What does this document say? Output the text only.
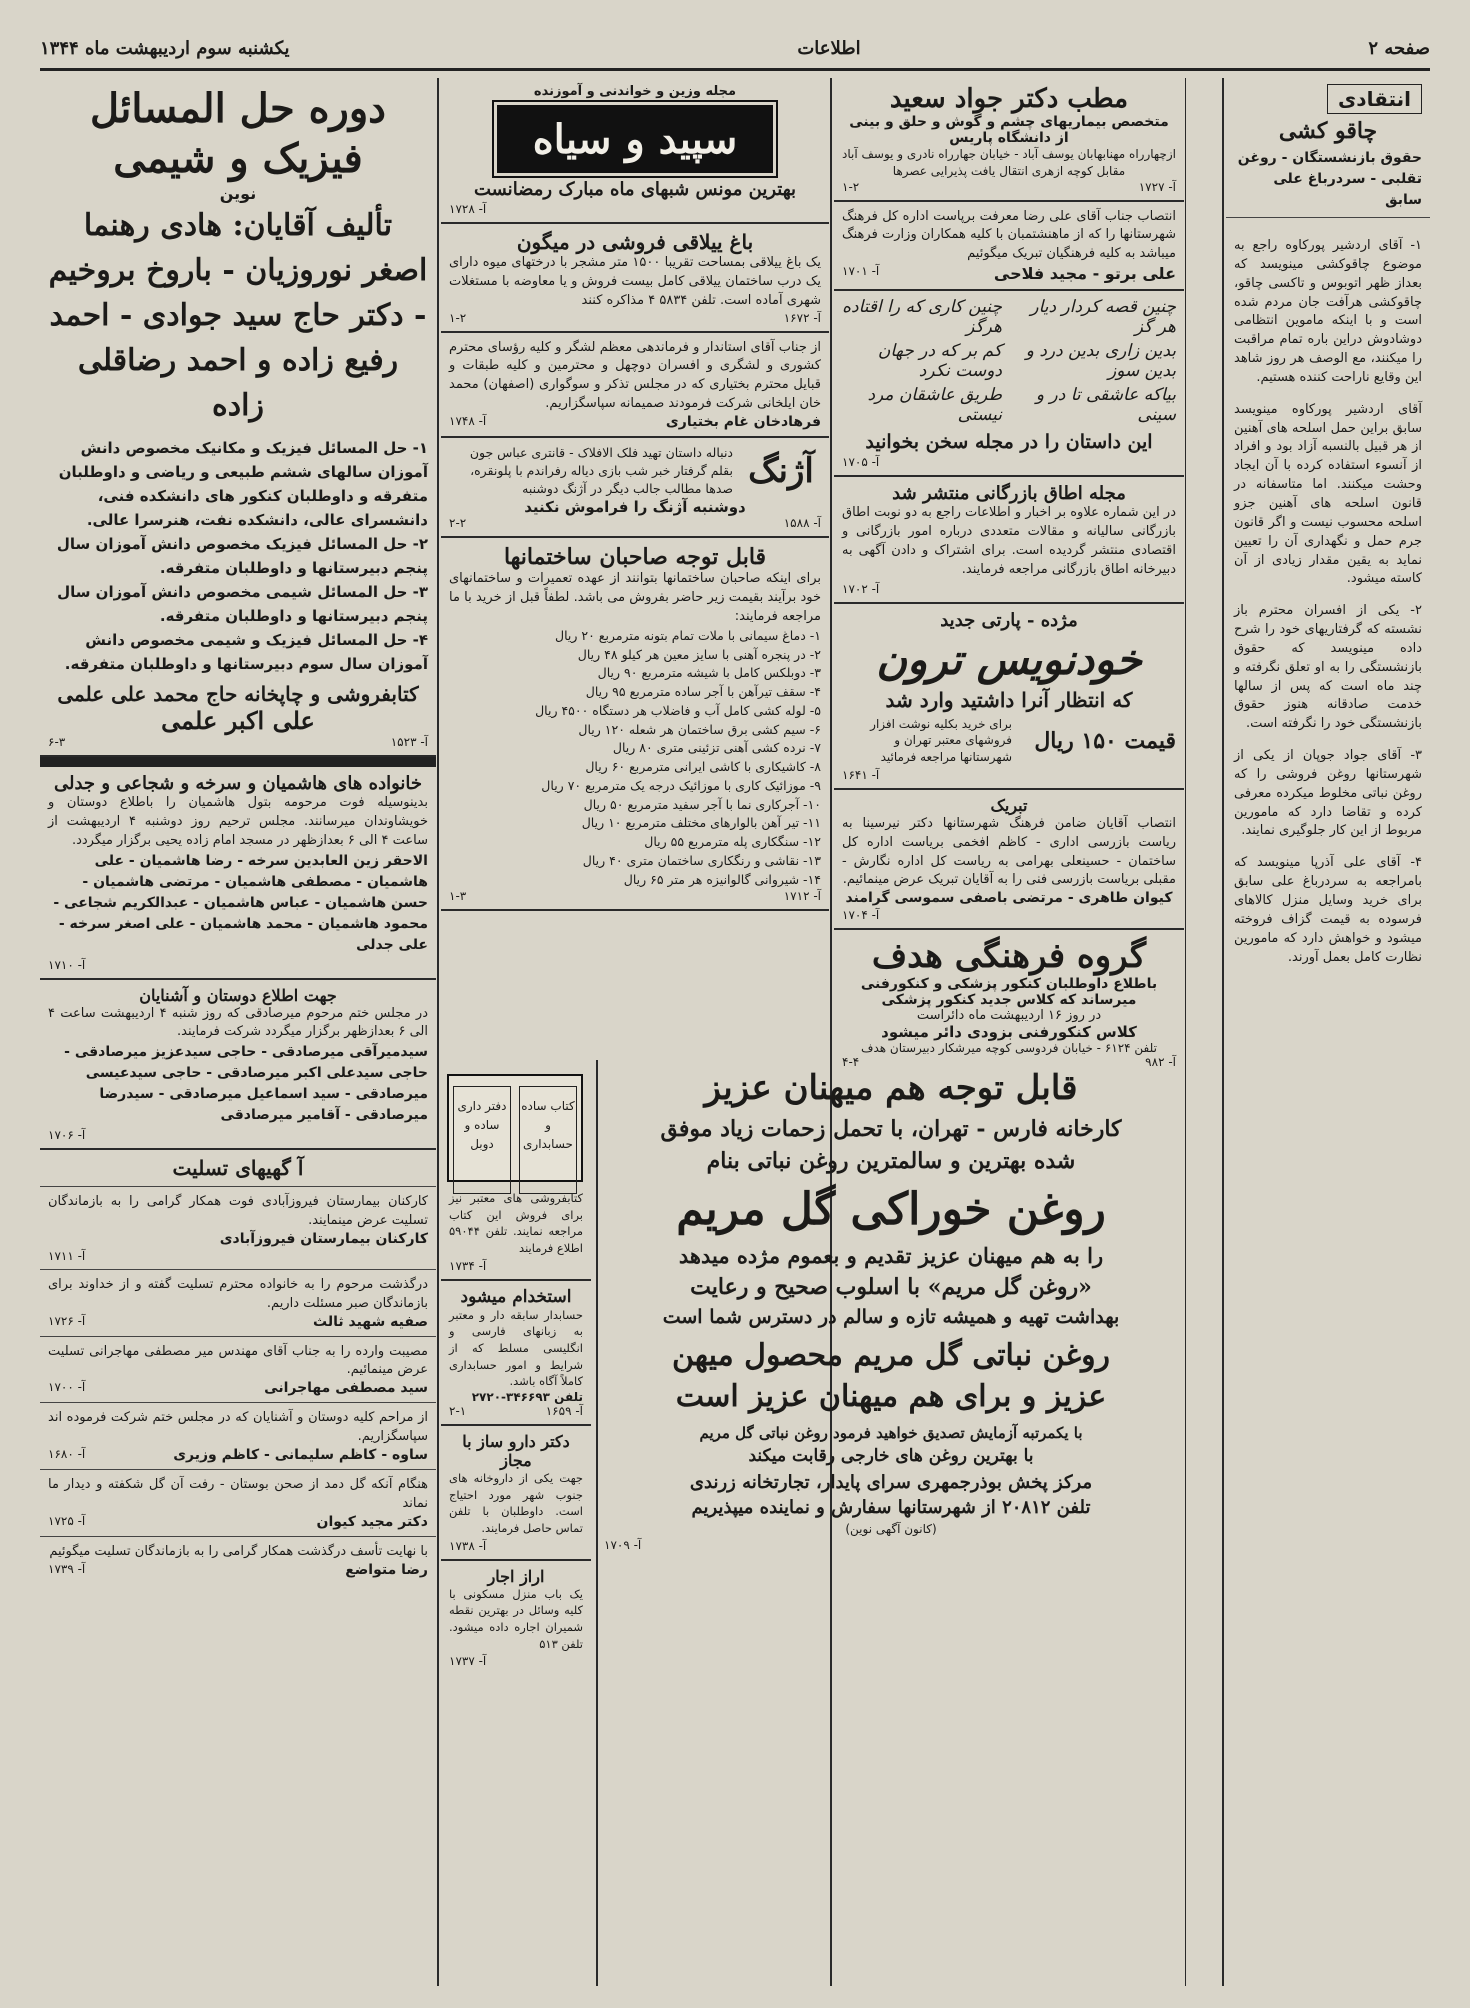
یکشنبه سوم اردیبهشت ماه ۱۳۴۴	اطلاعات	صفحه ۲
انتقادی
چاقو کشی
حقوق بازنشستگان - روغن تقلبی - سردرباغ علی سابق

۱- آقای اردشیر پورکاوه راجع به موضوع چاقوکشی مینویسد که بعداز ظهر اتوبوس و تاکسی چاقو، چاقوکشی هرآفت جان مردم شده است و با اینکه ماموین انتظامی دوشادوش دراین باره تمام مراقبت را میکنند، مع الوصف هر روز شاهد این وقایع ناراحت کننده هستیم.

آقای اردشیر پورکاوه مینویسد سابق براین حمل اسلحه های آهنین از هر قبیل بالنسبه آزاد بود و افراد از آنسوء استفاده کرده با آن ایجاد وحشت میکنند. اما متاسفانه در قانون اسلحه های آهنین جزو اسلحه محسوب نیست و اگر قانون جرم حمل و نگهداری آن را تعیین نماید به یقین مقدار زیادی از آن کاسته میشود.

۲- یکی از افسران محترم باز نشسته که گرفتاریهای خود را شرح داده مینویسد که حقوق بازنشستگی را به او تعلق نگرفته و چند ماه است که پس از سالها خدمت صادقانه هنوز حقوق بازنشستگی خود را نگرفته است.

۳- آقای جواد جوپان از یکی از شهرستانها روغن فروشی را که روغن نباتی مخلوط میکرده معرفی کرده و تقاضا دارد که مامورین مربوط از این کار جلوگیری نمایند.

۴- آقای علی آذرپا مینویسد که بامراجعه به سردرباغ علی سابق برای خرید وسایل منزل کالاهای فرسوده به قیمت گزاف فروخته میشود و خواهش دارد که مامورین نظارت کامل بعمل آورند.

مطب دکتر جواد سعید
متخصص بیماریهای چشم و گوش و حلق و بینی از دانشگاه پاریس
ازچهارراه مهنابهابان یوسف آباد - خیابان جهارراه نادری و یوسف آباد مقابل کوچه ازهری انتقال یافت پذیرایی عصرها
۱-۲	آ- ۱۷۲۷
انتصاب جناب آقای علی رضا معرفت برپاست اداره کل فرهنگ شهرستانها را که از ماهنشتمبان با کلیه همکاران وزارت فرهنگ میباشد به کلیه فرهنگیان تبریک میگوئیم
آ- ۱۷۰۱	علی برتو - مجید فلاحی
چنین قصه کردار دیار هر گز
چنین کاری که را اقتاده هرگز
بدین زاری بدین درد و بدین سوز
کم بر که در جهان دوست نکرد
بیاکه عاشقی تا در و سینی
طریق عاشقان مرد نیستی
این داستان را در مجله سخن بخوانید
آ- ۱۷۰۵
مجله اطاق بازرگانی منتشر شد
در این شماره علاوه بر اخبار و اطلاعات راجع به دو نوبت اطاق بازرگانی سالیانه و مقالات متعددی درباره امور بازرگانی و اقتصادی منتشر گردیده است. برای اشتراک و دادن آگهی به دبیرخانه اطاق بازرگانی مراجعه فرمایند.
آ- ۱۷۰۲
مژده - پارتی جدید
خودنویس ترون
که انتظار آنرا داشتید وارد شد
قیمت ۱۵۰ ریال
برای خرید بکلیه نوشت افزار فروشهای معتبر تهران و شهرستانها مراجعه فرمائید
آ- ۱۶۴۱
تبریک
انتصاب آقایان ضامن فرهنگ شهرستانها دکتر نیرسینا به ریاست بازرسی اداری - کاظم افخمی بریاست اداره کل ساختمان - حسینعلی بهرامی به ریاست کل اداره نگارش - مقبلی بریاست بازرسی فنی را به آقایان تبریک عرض مینمائیم.
کیوان طاهری - مرتضی باصفی سموسی گرامند
آ- ۱۷۰۴
گروه فرهنگی هدف
باطلاع داوطلبان کنکور پزشکی و کنکورفنی میرساند که کلاس جدید کنکور پزشکی
در روز ۱۶ اردیبهشت ماه دائراست
کلاس کنکورفنی بزودی دائر میشود
تلفن ۶۱۲۴ - خیابان فردوسی کوچه میرشکار دبیرستان هدف
۴-۴	آ- ۹۸۲
مجله وزین و خواندنی و آموزنده
سپید و سیاه
بهترین مونس شبهای ماه مبارک رمضانست
آ- ۱۷۲۸
باغ ییلاقی فروشی در میگون
یک باغ ییلاقی بمساحت تقریبا ۱۵۰۰ متر مشجر با درختهای میوه دارای یک درب ساختمان ییلاقی کامل بیست فروش و یا معاوضه با مستغلات شهری آماده است. تلفن ۵۸۳۴ ۴ مذاکره کنند
۱-۲	آ- ۱۶۷۲
از جناب آقای استاندار و فرماندهی معظم لشگر و کلیه رؤسای محترم کشوری و لشگری و افسران دوچهل و محترمین و کلیه طبقات و قبایل محترم بختیاری که در مجلس تذکر و سوگواری (اصفهان) محمد خان ایلخانی شرکت فرمودند صمیمانه سپاسگزاریم.
آ- ۱۷۴۸	فرهادخان غام بختیاری
آژنگ
دنباله داستان تهید فلک الافلاک - قانتری عباس جون بقلم گرفتار خبر شب بازی دیاله رفراندم با پلونقره، صدها مطالب جالب دیگر در آژنگ دوشنبه
دوشنبه آژنگ را فراموش نکنید
۲-۲	آ- ۱۵۸۸
قابل توجه صاحبان ساختمانها
برای اینکه صاحبان ساختمانها بتوانند از عهده تعمیرات و ساختمانهای خود برآیند بقیمت زیر حاضر بفروش می باشد. لطفاً قبل از خرید با ما مراجعه فرمایند:
۱- دماغ سیمانی با ملات تمام بتونه مترمربع ۲۰ ریال
۲- در پنجره آهنی با سایز معین هر کیلو ۴۸ ریال
۳- دوبلکس کامل با شیشه مترمربع ۹۰ ریال
۴- سقف تیرآهن با آجر ساده مترمربع ۹۵ ریال
۵- لوله کشی کامل آب و فاضلاب هر دستگاه ۴۵۰۰ ریال
۶- سیم کشی برق ساختمان هر شعله ۱۲۰ ریال
۷- نرده کشی آهنی تزئینی متری ۸۰ ریال
۸- کاشیکاری با کاشی ایرانی مترمربع ۶۰ ریال
۹- موزائیک کاری با موزائیک درجه یک مترمربع ۷۰ ریال
۱۰- آجرکاری نما با آجر سفید مترمربع ۵۰ ریال
۱۱- تیر آهن بالوارهای مختلف مترمربع ۱۰ ریال
۱۲- سنگکاری پله مترمربع ۵۵ ریال
۱۳- نقاشی و رنگکاری ساختمان متری ۴۰ ریال
۱۴- شیروانی گالوانیزه هر متر ۶۵ ریال
۱-۳	آ- ۱۷۱۲
کتاب ساده و حسابداری
دفتر داری ساده و دوبل
کتابفروشی های معتبر نیز برای فروش این کتاب مراجعه نمایند. تلفن ۵۹۰۴۴ اطلاع فرمایند
آ- ۱۷۳۴
استخدام میشود
حسابدار سابقه دار و معتبر به زبانهای فارسی و انگلیسی مسلط که از شرایط و امور حسابداری کاملاً آگاه باشد.
تلفن ۳۴۶۶۹۳-۲۷۲۰
۲-۱	آ- ۱۶۵۹
دکتر دارو ساز با مجاز
جهت یکی از داروخانه های جنوب شهر مورد احتیاج است. داوطلبان با تلفن تماس حاصل فرمایند.
آ- ۱۷۳۸
اراز اجار
یک باب منزل مسکونی با کلیه وسائل در بهترین نقطه شمیران اجاره داده میشود. تلفن ۵۱۳
آ- ۱۷۳۷
قابل توجه هم میهنان عزیز
کارخانه فارس - تهران، با تحمل زحمات زیاد موفق
شده بهترین و سالمترین روغن نباتی بنام
روغن خوراکی گل مریم
را به هم میهنان عزیز تقدیم و بعموم مژده میدهد
«روغن گل مریم» با اسلوب صحیح و رعایت
بهداشت تهیه و همیشه تازه و سالم در دسترس شما است
روغن نباتی گل مریم محصول میهن
عزیز و برای هم میهنان عزیز است
با یکمرتبه آزمایش تصدیق خواهید فرمود روغن نباتی گل مریم
با بهترین روغن های خارجی رقابت میکند
مرکز پخش بوذرجمهری سرای پایدار، تجارتخانه زرندی
تلفن ۲۰۸۱۲ از شهرستانها سفارش و نماینده میپذیریم
(کانون آگهی نوین)
آ- ۱۷۰۹
دوره حل المسائل فیزیک و شیمی
نوین
تألیف آقایان: هادی رهنما اصغر نوروزیان - باروخ بروخیم - دکتر حاج سید جوادی - احمد رفیع زاده و احمد رضاقلی زاده
۱- حل المسائل فیزیک و مکانیک مخصوص دانش آموزان سالهای ششم طبیعی و ریاضی و داوطلبان متفرقه و داوطلبان کنکور های دانشکده فنی، دانشسرای عالی، دانشکده نفت، هنرسرا عالی.
۲- حل المسائل فیزیک مخصوص دانش آموزان سال پنجم دبیرستانها و داوطلبان متفرقه.
۳- حل المسائل شیمی مخصوص دانش آموزان سال پنجم دبیرستانها و داوطلبان متفرقه.
۴- حل المسائل فیزیک و شیمی مخصوص دانش آموزان سال سوم دبیرستانها و داوطلبان متفرقه.
کتابفروشی و چاپخانه حاج محمد علی علمی
علی اکبر علمی
۶-۳	آ- ۱۵۲۳
خانواده های هاشمیان و سرخه و شجاعی و جدلی
بدینوسیله فوت مرحومه بتول هاشمیان را باطلاع دوستان و خویشاوندان میرسانند. مجلس ترحیم روز دوشنبه ۴ اردیبهشت از ساعت ۴ الی ۶ بعدازظهر در مسجد امام زاده یحیی برگزار میگردد.
الاحقر زین العابدین سرخه - رضا هاشمیان - علی هاشمیان - مصطفی هاشمیان - مرتضی هاشمیان - حسن هاشمیان - عباس هاشمیان - عبدالکریم شجاعی - محمود هاشمیان - محمد هاشمیان - علی اصغر سرخه - علی جدلی
آ- ۱۷۱۰
جهت اطلاع دوستان و آشنایان
در مجلس ختم مرحوم میرصادقی که روز شنبه ۴ اردیبهشت ساعت ۴ الی ۶ بعدازظهر برگزار میگردد شرکت فرمایند.
سیدمیرآقی میرصادقی - حاجی سیدعزیز میرصادقی - حاجی سیدعلی اکبر میرصادقی - حاجی سیدعیسی میرصادقی - سید اسماعیل میرصادقی - سیدرضا میرصادقی - آقامیر میرصادقی
آ- ۱۷۰۶
آ گهیهای تسلیت
کارکنان بیمارستان فیروزآبادی فوت همکار گرامی را به بازماندگان تسلیت عرض مینمایند.
کارکنان بیمارستان فیروزآبادی
آ- ۱۷۱۱
درگذشت مرحوم را به خانواده محترم تسلیت گفته و از خداوند برای بازماندگان صبر مسئلت داریم.
آ- ۱۷۲۶	صفیه شهید ثالث
مصیبت وارده را به جناب آقای مهندس میر مصطفی مهاجرانی تسلیت عرض مینمائیم.
آ- ۱۷۰۰	سید مصطفی مهاجرانی
از مراحم کلیه دوستان و آشنایان که در مجلس ختم شرکت فرموده اند سپاسگزاریم.
آ- ۱۶۸۰	ساوه - کاظم سلیمانی - کاظم وزیری
هنگام آنکه گل دمد از صحن بوستان - رفت آن گل شکفته و دیدار ما نماند
آ- ۱۷۲۵	دکتر مجید کیوان
با نهایت تأسف درگذشت همکار گرامی را به بازماندگان تسلیت میگوئیم
آ- ۱۷۳۹	رضا متواضع
